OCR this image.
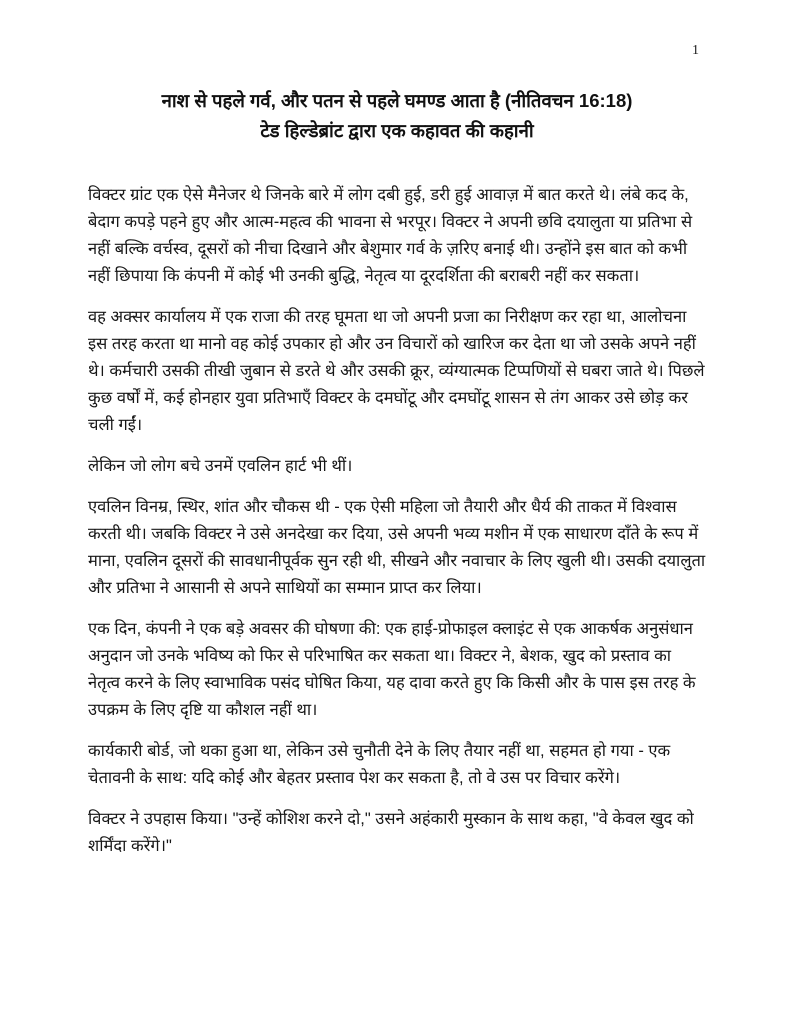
1
नाश से पहले गर्व, और पतन से पहले घमण्ड आता है (नीतिवचन 16:18)
टेड हिल्डेब्रांट द्वारा एक कहावत की कहानी

विक्टर ग्रांट एक ऐसे मैनेजर थे जिनके बारे में लोग दबी हुई, डरी हुई आवाज़ में बात करते थे। लंबे कद के, बेदाग कपड़े पहने हुए और आत्म-महत्व की भावना से भरपूर। विक्टर ने अपनी छवि दयालुता या प्रतिभा से नहीं बल्कि वर्चस्व, दूसरों को नीचा दिखाने और बेशुमार गर्व के ज़रिए बनाई थी। उन्होंने इस बात को कभी नहीं छिपाया कि कंपनी में कोई भी उनकी बुद्धि, नेतृत्व या दूरदर्शिता की बराबरी नहीं कर सकता।

वह अक्सर कार्यालय में एक राजा की तरह घूमता था जो अपनी प्रजा का निरीक्षण कर रहा था, आलोचना इस तरह करता था मानो वह कोई उपकार हो और उन विचारों को खारिज कर देता था जो उसके अपने नहीं थे। कर्मचारी उसकी तीखी जुबान से डरते थे और उसकी क्रूर, व्यंग्यात्मक टिप्पणियों से घबरा जाते थे। पिछले कुछ वर्षों में, कई होनहार युवा प्रतिभाएँ विक्टर के दमघोंटू और दमघोंटू शासन से तंग आकर उसे छोड़ कर चली गईं।

लेकिन जो लोग बचे उनमें एवलिन हार्ट भी थीं।

एवलिन विनम्र, स्थिर, शांत और चौकस थी - एक ऐसी महिला जो तैयारी और धैर्य की ताकत में विश्वास करती थी। जबकि विक्टर ने उसे अनदेखा कर दिया, उसे अपनी भव्य मशीन में एक साधारण दाँते के रूप में माना, एवलिन दूसरों की सावधानीपूर्वक सुन रही थी, सीखने और नवाचार के लिए खुली थी। उसकी दयालुता और प्रतिभा ने आसानी से अपने साथियों का सम्मान प्राप्त कर लिया।

एक दिन, कंपनी ने एक बड़े अवसर की घोषणा की: एक हाई-प्रोफाइल क्लाइंट से एक आकर्षक अनुसंधान अनुदान जो उनके भविष्य को फिर से परिभाषित कर सकता था। विक्टर ने, बेशक, खुद को प्रस्ताव का नेतृत्व करने के लिए स्वाभाविक पसंद घोषित किया, यह दावा करते हुए कि किसी और के पास इस तरह के उपक्रम के लिए दृष्टि या कौशल नहीं था।

कार्यकारी बोर्ड, जो थका हुआ था, लेकिन उसे चुनौती देने के लिए तैयार नहीं था, सहमत हो गया - एक चेतावनी के साथ: यदि कोई और बेहतर प्रस्ताव पेश कर सकता है, तो वे उस पर विचार करेंगे।

विक्टर ने उपहास किया। "उन्हें कोशिश करने दो," उसने अहंकारी मुस्कान के साथ कहा, "वे केवल खुद को शर्मिंदा करेंगे।"
